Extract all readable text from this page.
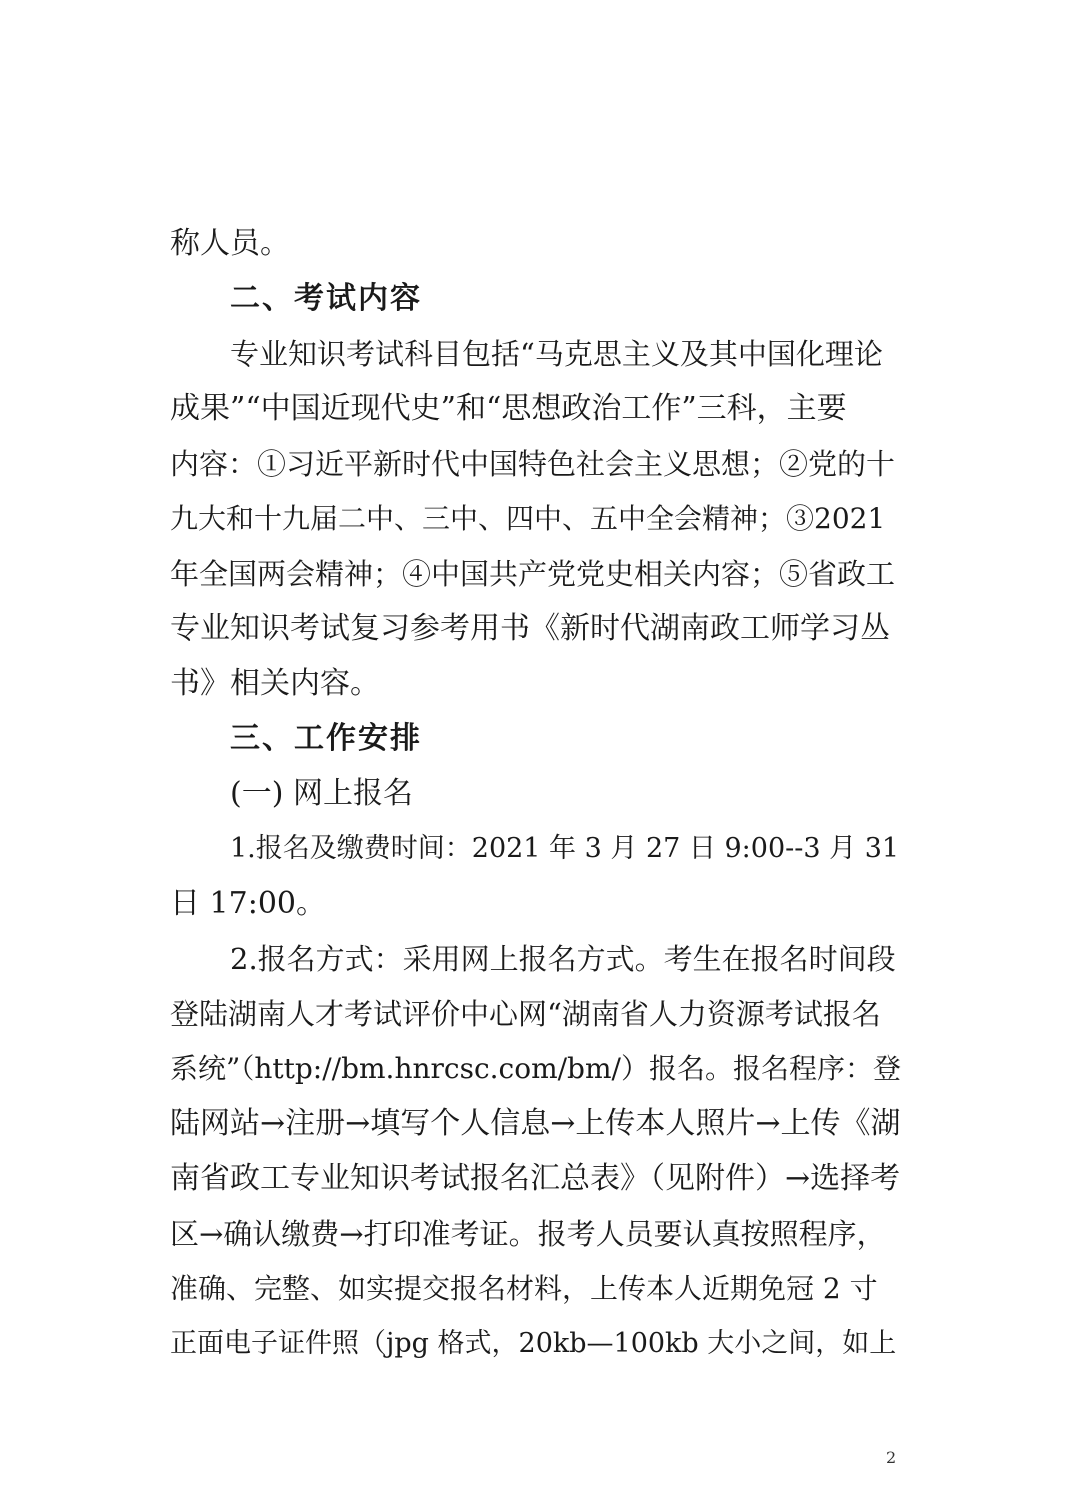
称人员。
二、考试内容
专业知识考试科目包括“马克思主义及其中国化理论
成果”“中国近现代史”和“思想政治工作”三科，主要
内容：①习近平新时代中国特色社会主义思想；②党的十
九大和十九届二中、三中、四中、五中全会精神；③2021
年全国两会精神；④中国共产党党史相关内容；⑤省政工
专业知识考试复习参考用书《新时代湖南政工师学习丛
书》相关内容。
三、工作安排
(一) 网上报名
1.报名及缴费时间：2021 年 3 月 27 日 9:00--3 月 31
日 17:00。
2.报名方式：采用网上报名方式。考生在报名时间段
登陆湖南人才考试评价中心网“湖南省人力资源考试报名
系统”（http://bm.hnrcsc.com/bm/）报名。报名程序：登
陆网站→注册→填写个人信息→上传本人照片→上传《湖
南省政工专业知识考试报名汇总表》（见附件）→选择考
区→确认缴费→打印准考证。报考人员要认真按照程序，
准确、完整、如实提交报名材料，上传本人近期免冠 2 寸
正面电子证件照（jpg 格式，20kb—100kb 大小之间，如上
2
